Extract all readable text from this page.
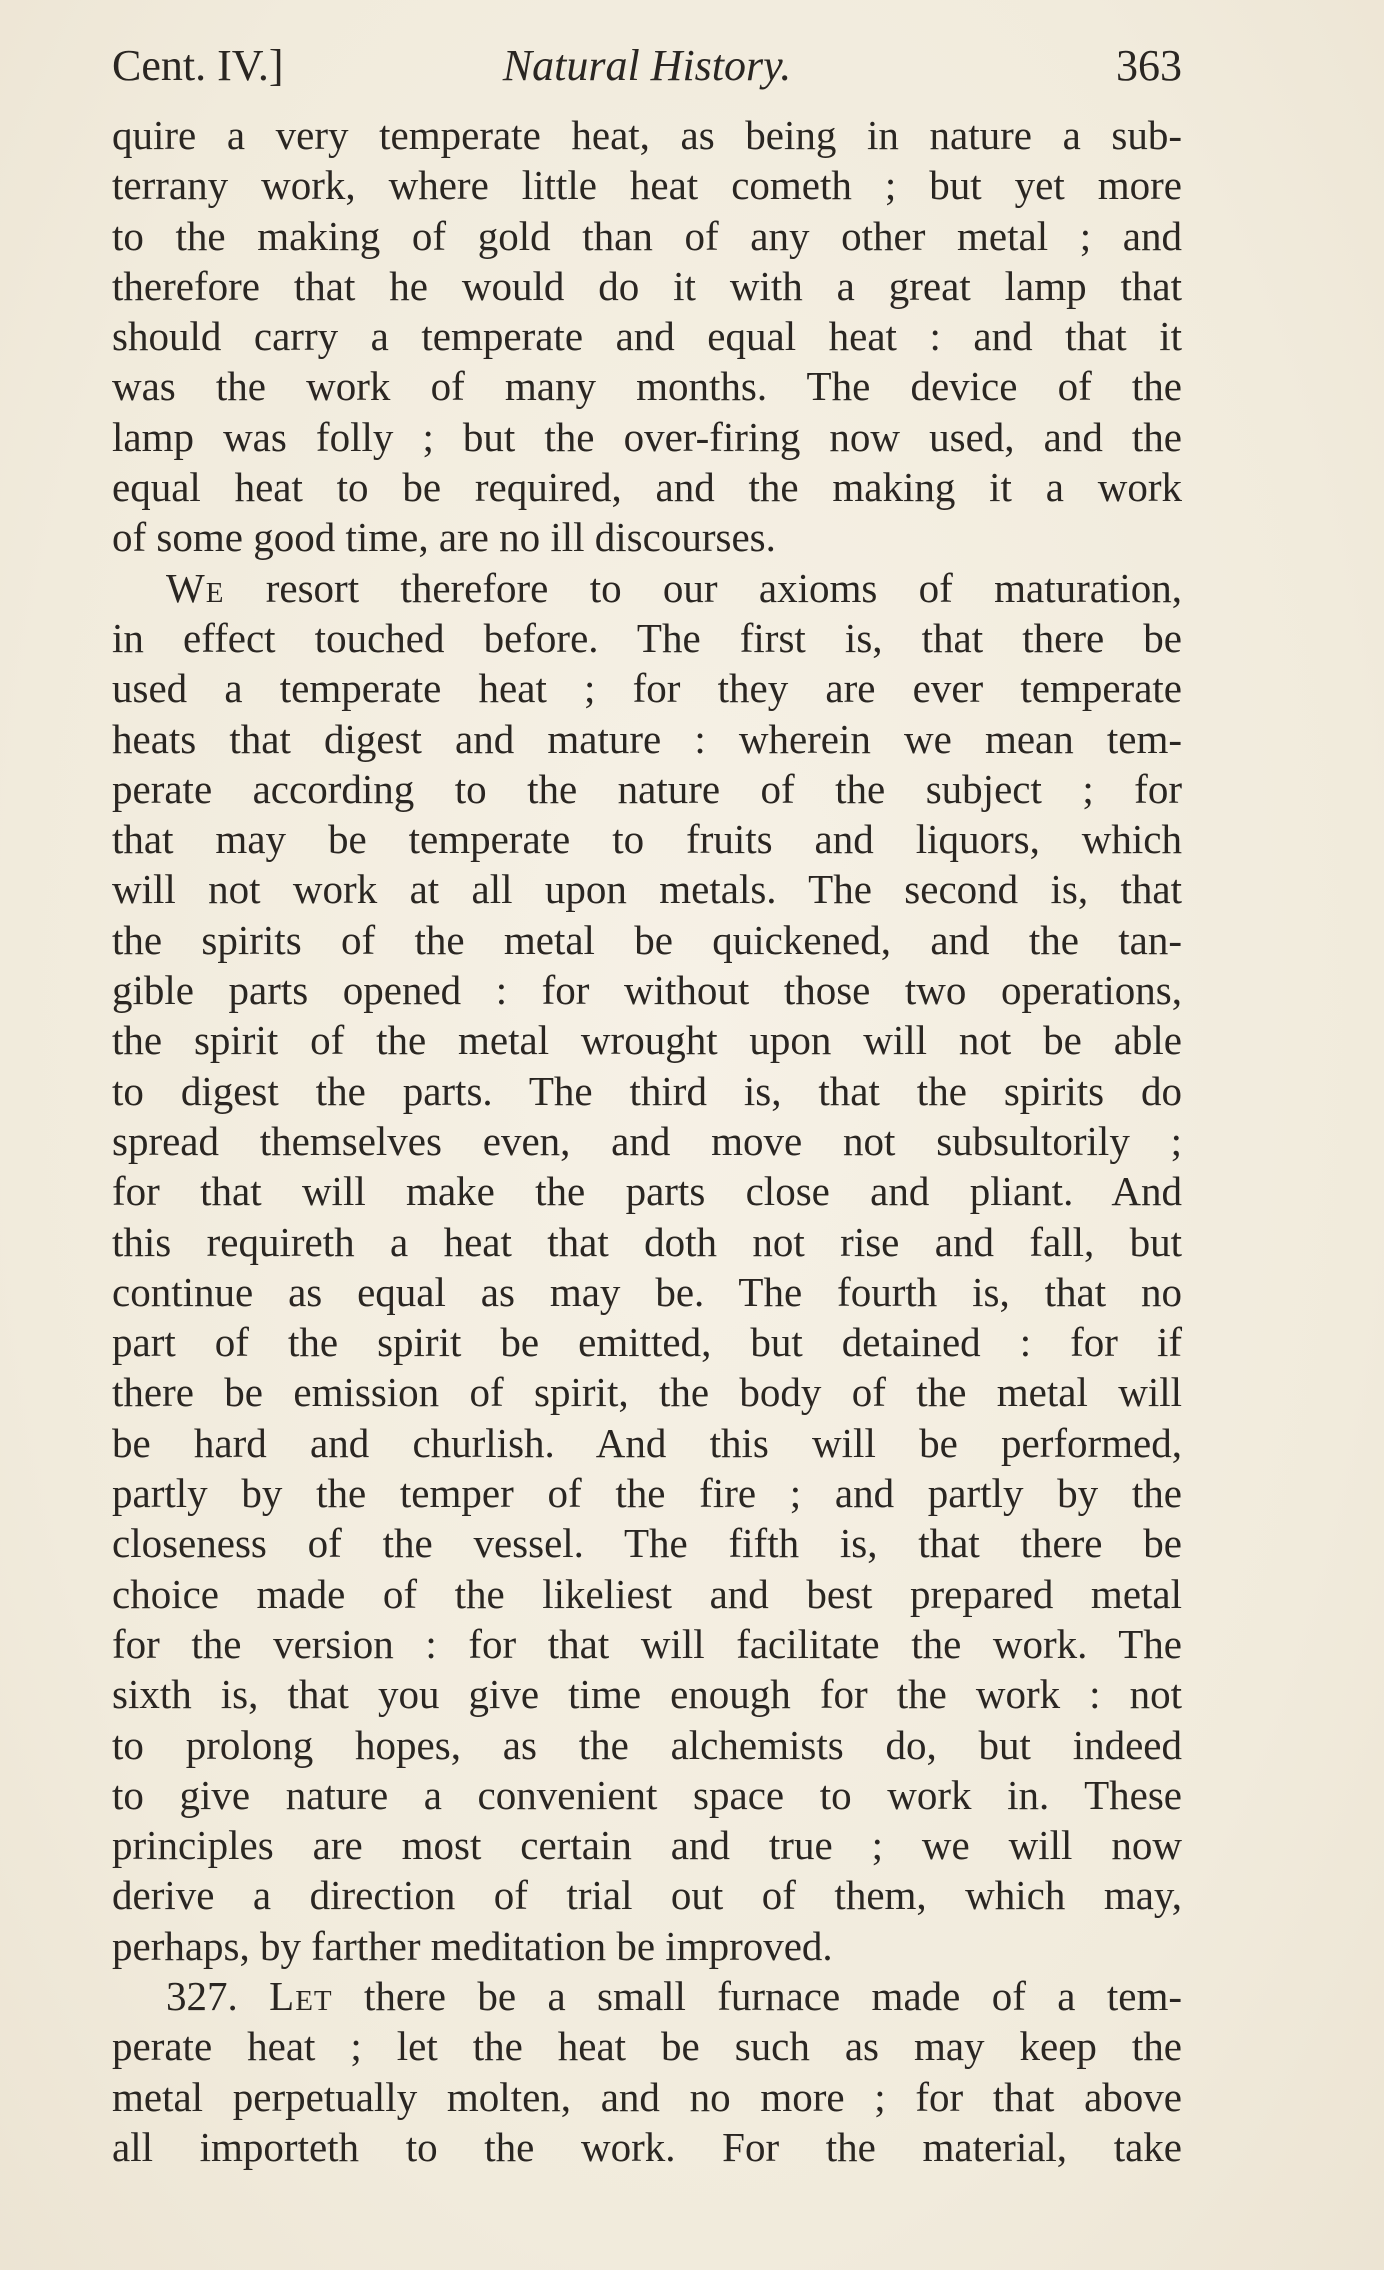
Cent. IV.]	Natural History.	363
quire a very temperate heat, as being in nature a sub-
terrany work, where little heat cometh ; but yet more
to the making of gold than of any other metal ; and
therefore that he would do it with a great lamp that
should carry a temperate and equal heat : and that it
was the work of many months. The device of the
lamp was folly ; but the over-firing now used, and the
equal heat to be required, and the making it a work
of some good time, are no ill discourses.
We resort therefore to our axioms of maturation,
in effect touched before. The first is, that there be
used a temperate heat ; for they are ever temperate
heats that digest and mature : wherein we mean tem-
perate according to the nature of the subject ; for
that may be temperate to fruits and liquors, which
will not work at all upon metals. The second is, that
the spirits of the metal be quickened, and the tan-
gible parts opened : for without those two operations,
the spirit of the metal wrought upon will not be able
to digest the parts. The third is, that the spirits do
spread themselves even, and move not subsultorily ;
for that will make the parts close and pliant. And
this requireth a heat that doth not rise and fall, but
continue as equal as may be. The fourth is, that no
part of the spirit be emitted, but detained : for if
there be emission of spirit, the body of the metal will
be hard and churlish. And this will be performed,
partly by the temper of the fire ; and partly by the
closeness of the vessel. The fifth is, that there be
choice made of the likeliest and best prepared metal
for the version : for that will facilitate the work. The
sixth is, that you give time enough for the work : not
to prolong hopes, as the alchemists do, but indeed
to give nature a convenient space to work in. These
principles are most certain and true ; we will now
derive a direction of trial out of them, which may,
perhaps, by farther meditation be improved.
327. Let there be a small furnace made of a tem-
perate heat ; let the heat be such as may keep the
metal perpetually molten, and no more ; for that above
all importeth to the work. For the material, take
